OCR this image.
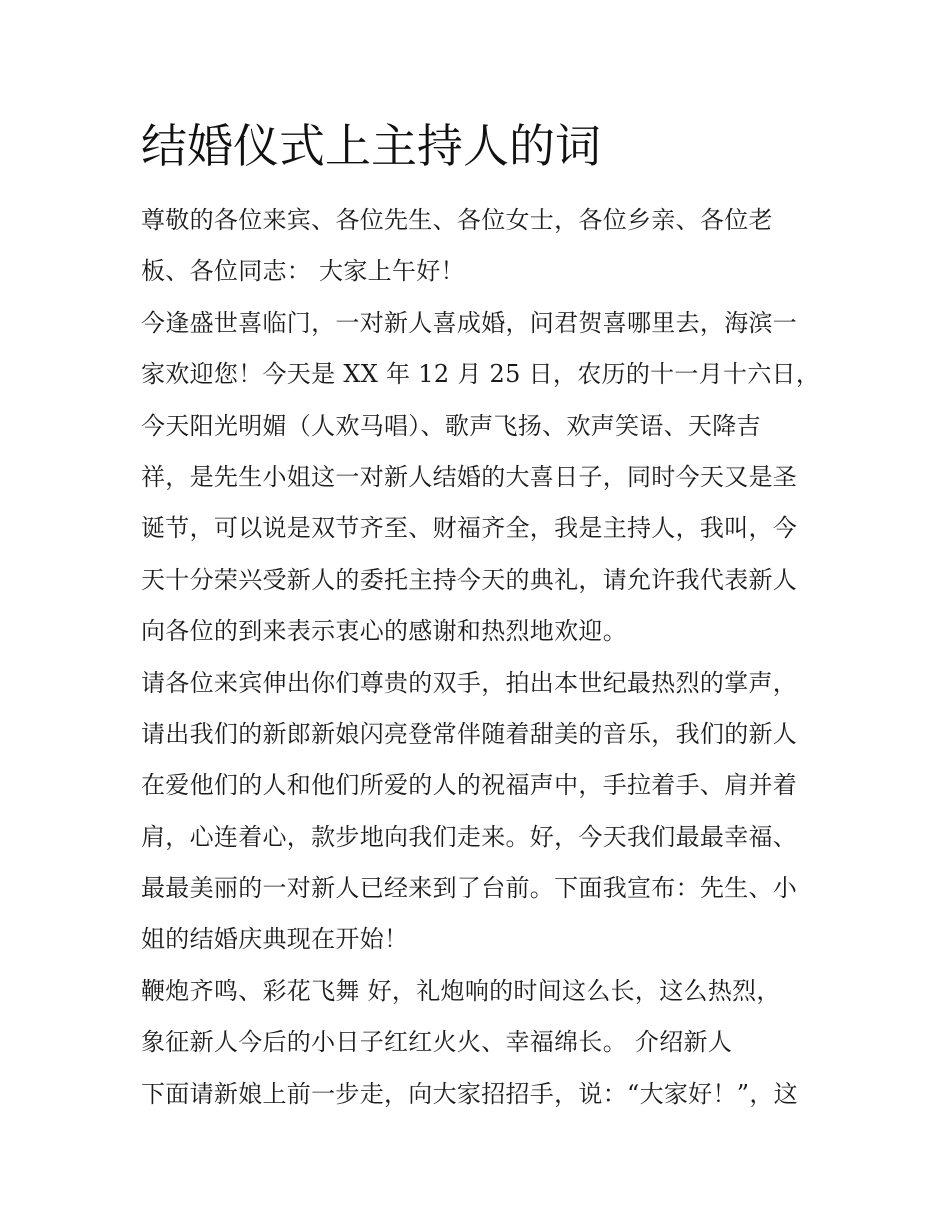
结婚仪式上主持人的词
尊敬的各位来宾、各位先生、各位女士，各位乡亲、各位老
板、各位同志： 大家上午好！
今逢盛世喜临门，一对新人喜成婚，问君贺喜哪里去，海滨一
家欢迎您！今天是 XX 年 12 月 25 日，农历的十一月十六日，
今天阳光明媚（人欢马唱）、歌声飞扬、欢声笑语、天降吉
祥，是先生小姐这一对新人结婚的大喜日子，同时今天又是圣
诞节，可以说是双节齐至、财福齐全，我是主持人，我叫，今
天十分荣兴受新人的委托主持今天的典礼，请允许我代表新人
向各位的到来表示衷心的感谢和热烈地欢迎。
请各位来宾伸出你们尊贵的双手，拍出本世纪最热烈的掌声，
请出我们的新郎新娘闪亮登常伴随着甜美的音乐，我们的新人
在爱他们的人和他们所爱的人的祝福声中，手拉着手、肩并着
肩，心连着心，款步地向我们走来。好，今天我们最最幸福、
最最美丽的一对新人已经来到了台前。下面我宣布：先生、小
姐的结婚庆典现在开始！
鞭炮齐鸣、彩花飞舞 好，礼炮响的时间这么长，这么热烈，
象征新人今后的小日子红红火火、幸福绵长。 介绍新人
下面请新娘上前一步走，向大家招招手，说：“大家好！”，这
